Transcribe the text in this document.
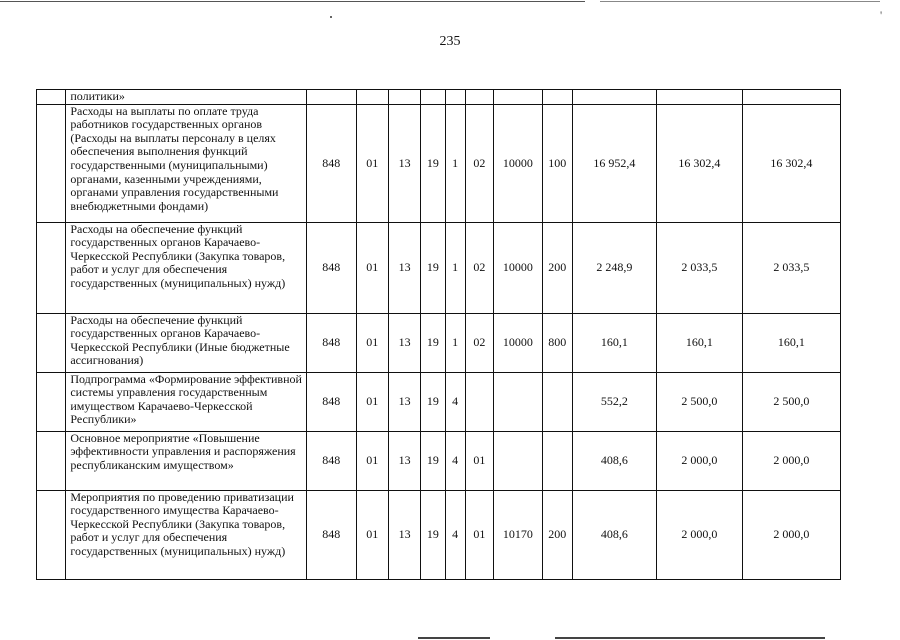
'
235
	политики»											
	Расходы на выплаты по оплате труда работников государственных органов (Расходы на выплаты персоналу в целях обеспечения выполнения функций государственными (муниципальными) органами, казенными учреждениями, органами управления государственными внебюджетными фондами)	848	01	13	19	1	02	10000	100	16 952,4	16 302,4	16 302,4
	Расходы на обеспечение функций государственных органов Карачаево-Черкесской Республики (Закупка товаров, работ и услуг для обеспечения государственных (муниципальных) нужд)	848	01	13	19	1	02	10000	200	2 248,9	2 033,5	2 033,5
	Расходы на обеспечение функций государственных органов Карачаево-Черкесской Республики (Иные бюджетные ассигнования)	848	01	13	19	1	02	10000	800	160,1	160,1	160,1
	Подпрограмма «Формирование эффективной системы управления государственным имуществом Карачаево-Черкесской Республики»	848	01	13	19	4				552,2	2 500,0	2 500,0
	Основное мероприятие «Повышение эффективности управления и распоряжения республиканским имуществом»	848	01	13	19	4	01			408,6	2 000,0	2 000,0
	Мероприятия по проведению приватизации государственного имущества Карачаево-Черкесской Республики (Закупка товаров, работ и услуг для обеспечения государственных (муниципальных) нужд)	848	01	13	19	4	01	10170	200	408,6	2 000,0	2 000,0
